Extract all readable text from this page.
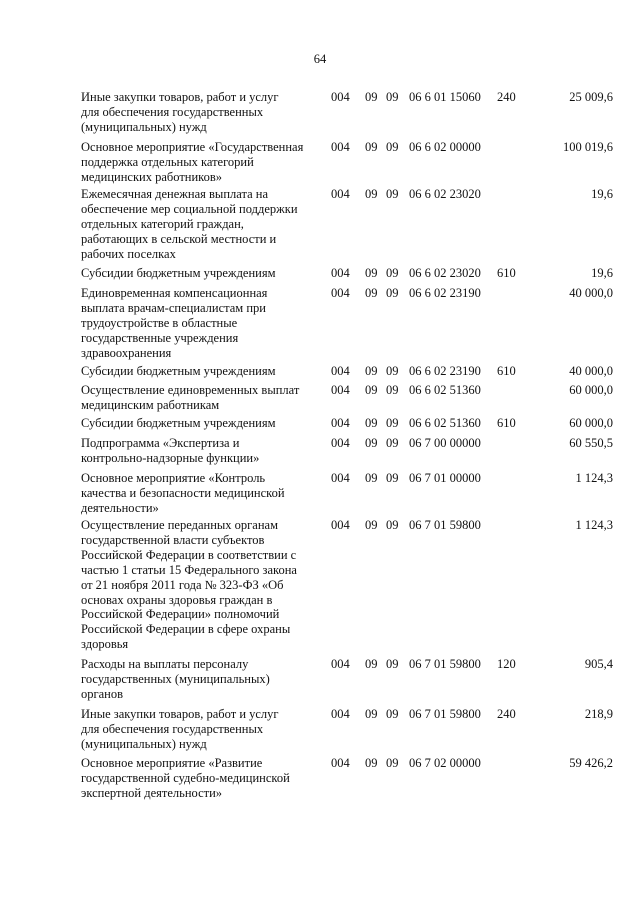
64
Иные закупки товаров, работ и услуг
для обеспечения государственных
(муниципальных) нужд
004 09 09 06 6 01 15060 240	25 009,6
Основное мероприятие «Государственная
поддержка отдельных категорий
медицинских работников»
004 09 09 06 6 02 00000	100 019,6
Ежемесячная денежная выплата на
обеспечение мер социальной поддержки
отдельных категорий граждан,
работающих в сельской местности и
рабочих поселках
004 09 09 06 6 02 23020	19,6
Субсидии бюджетным учреждениям	004 09 09 06 6 02 23020 610	19,6
Единовременная компенсационная
выплата врачам-специалистам при
трудоустройстве в областные
государственные учреждения
здравоохранения
004 09 09 06 6 02 23190	40 000,0
Субсидии бюджетным учреждениям	004 09 09 06 6 02 23190 610	40 000,0
Осуществление единовременных выплат
медицинским работникам
004 09 09 06 6 02 51360	60 000,0
Субсидии бюджетным учреждениям	004 09 09 06 6 02 51360 610	60 000,0
Подпрограмма «Экспертиза и
контрольно-надзорные функции»
004 09 09 06 7 00 00000	60 550,5
Основное мероприятие «Контроль
качества и безопасности медицинской
деятельности»
004 09 09 06 7 01 00000	1 124,3
Осуществление переданных органам
государственной власти субъектов
Российской Федерации в соответствии с
частью 1 статьи 15 Федерального закона
от 21 ноября 2011 года № 323-ФЗ «Об
основах охраны здоровья граждан в
Российской Федерации» полномочий
Российской Федерации в сфере охраны
здоровья
004 09 09 06 7 01 59800	1 124,3
Расходы на выплаты персоналу
государственных (муниципальных)
органов
004 09 09 06 7 01 59800 120	905,4
Иные закупки товаров, работ и услуг
для обеспечения государственных
(муниципальных) нужд
004 09 09 06 7 01 59800 240	218,9
Основное мероприятие «Развитие
государственной судебно-медицинской
экспертной деятельности»
004 09 09 06 7 02 00000	59 426,2
